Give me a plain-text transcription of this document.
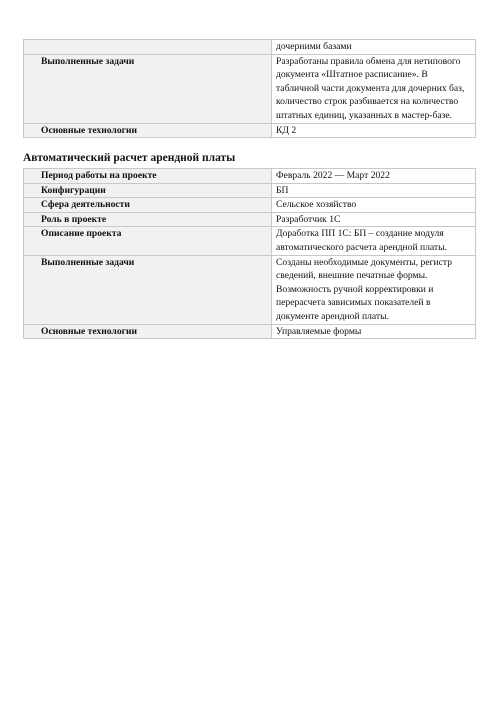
	дочерними базами
Выполненные задачи	Разработаны правила обмена для нетипового документа «Штатное расписание». В табличной части документа для дочерних баз, количество строк разбивается на количество штатных единиц, указанных в мастер-базе.
Основные технологии	КД 2
Автоматический расчет арендной платы
Период работы на проекте	Февраль 2022 — Март 2022
Конфигурации	БП
Сфера деятельности	Сельское хозяйство
Роль в проекте	Разработчик 1С
Описание проекта	Доработка ПП 1С: БП – создание модуля автоматического расчета арендной платы.
Выполненные задачи	Созданы необходимые документы, регистр сведений, внешние печатные формы. Возможность ручной корректировки и перерасчета зависимых показателей в документе арендной платы.
Основные технологии	Управляемые формы
